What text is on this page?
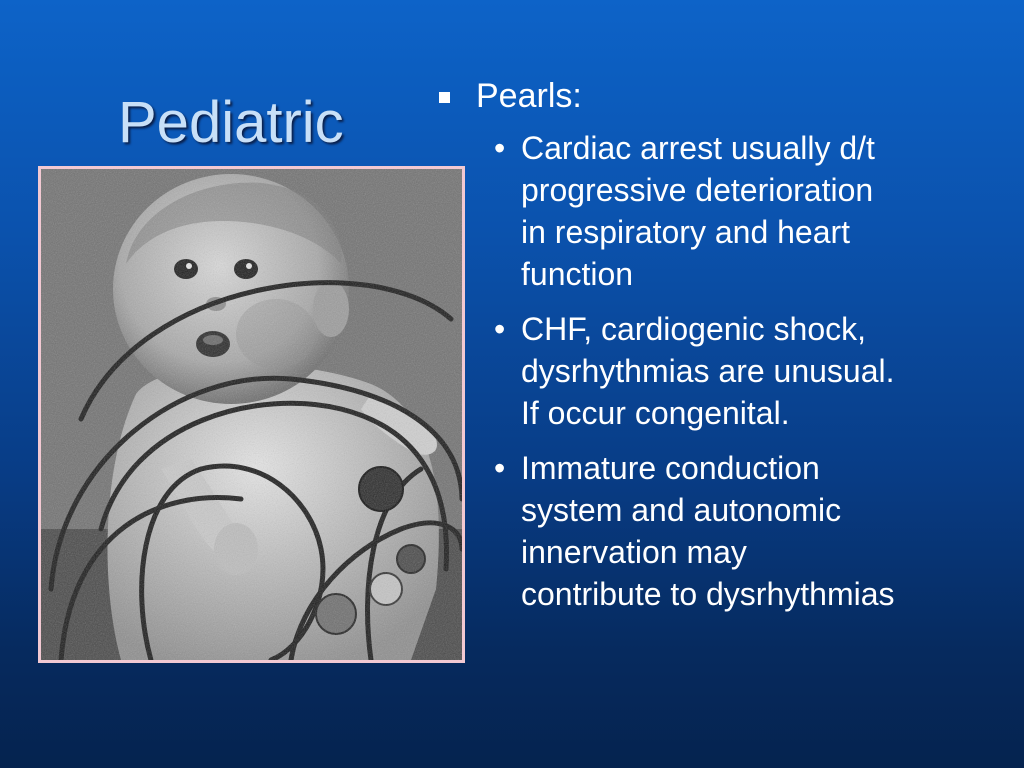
Pediatric	Pearls:
• Cardiac arrest usually d/t
progressive deterioration
in respiratory and heart
function
• CHF, cardiogenic shock,
dysrhythmias are unusual.
If occur congenital.
• Immature conduction
system and autonomic
innervation may
contribute to dysrhythmias
